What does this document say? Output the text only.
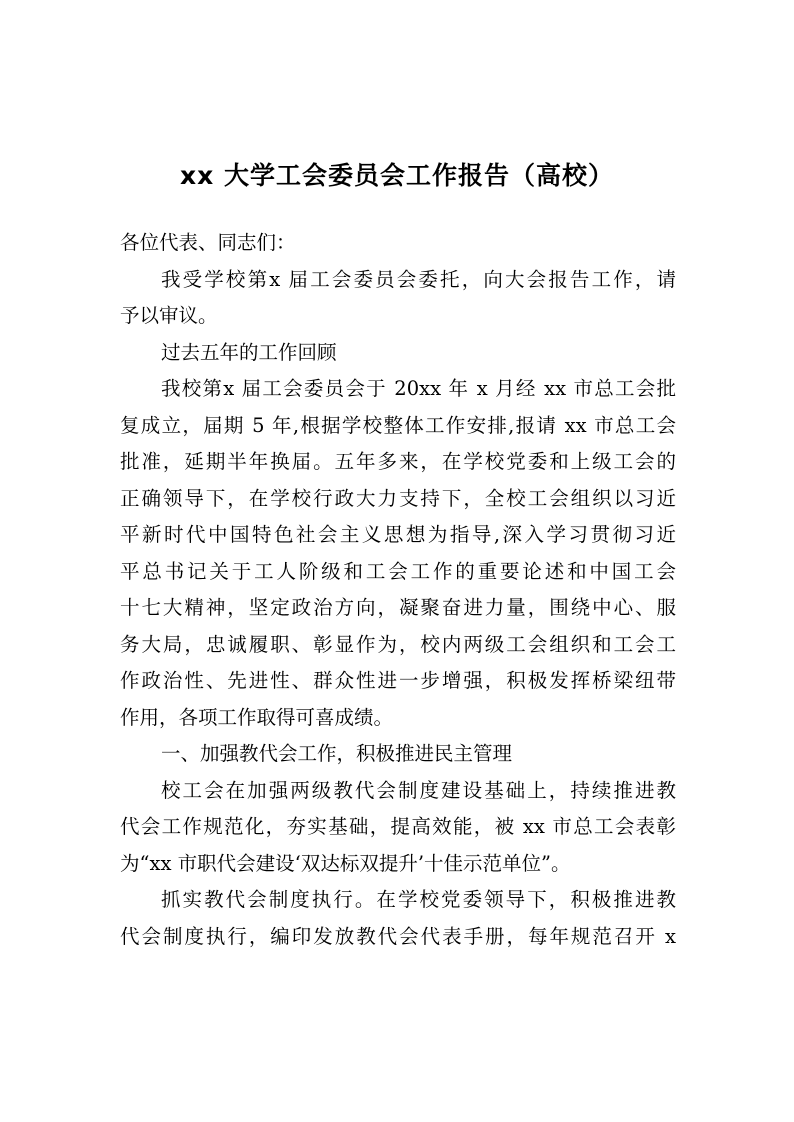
xx 大学工会委员会工作报告（高校）
各位代表、同志们：
我受学校第x 届工会委员会委托，向大会报告工作，请
予以审议。
过去五年的工作回顾
我校第x 届工会委员会于 20xx 年 x 月经 xx 市总工会批
复成立，届期 5 年,根据学校整体工作安排,报请 xx 市总工会
批准，延期半年换届。五年多来，在学校党委和上级工会的
正确领导下，在学校行政大力支持下，全校工会组织以习近
平新时代中国特色社会主义思想为指导,深入学习贯彻习近
平总书记关于工人阶级和工会工作的重要论述和中国工会
十七大精神，坚定政治方向，凝聚奋进力量，围绕中心、服
务大局，忠诚履职、彰显作为，校内两级工会组织和工会工
作政治性、先进性、群众性进一步增强，积极发挥桥梁纽带
作用，各项工作取得可喜成绩。
一、加强教代会工作，积极推进民主管理
校工会在加强两级教代会制度建设基础上，持续推进教
代会工作规范化，夯实基础，提高效能，被 xx 市总工会表彰
为“xx 市职代会建设‘双达标双提升’十佳示范单位”。
抓实教代会制度执行。在学校党委领导下，积极推进教
代会制度执行，编印发放教代会代表手册，每年规范召开 x
